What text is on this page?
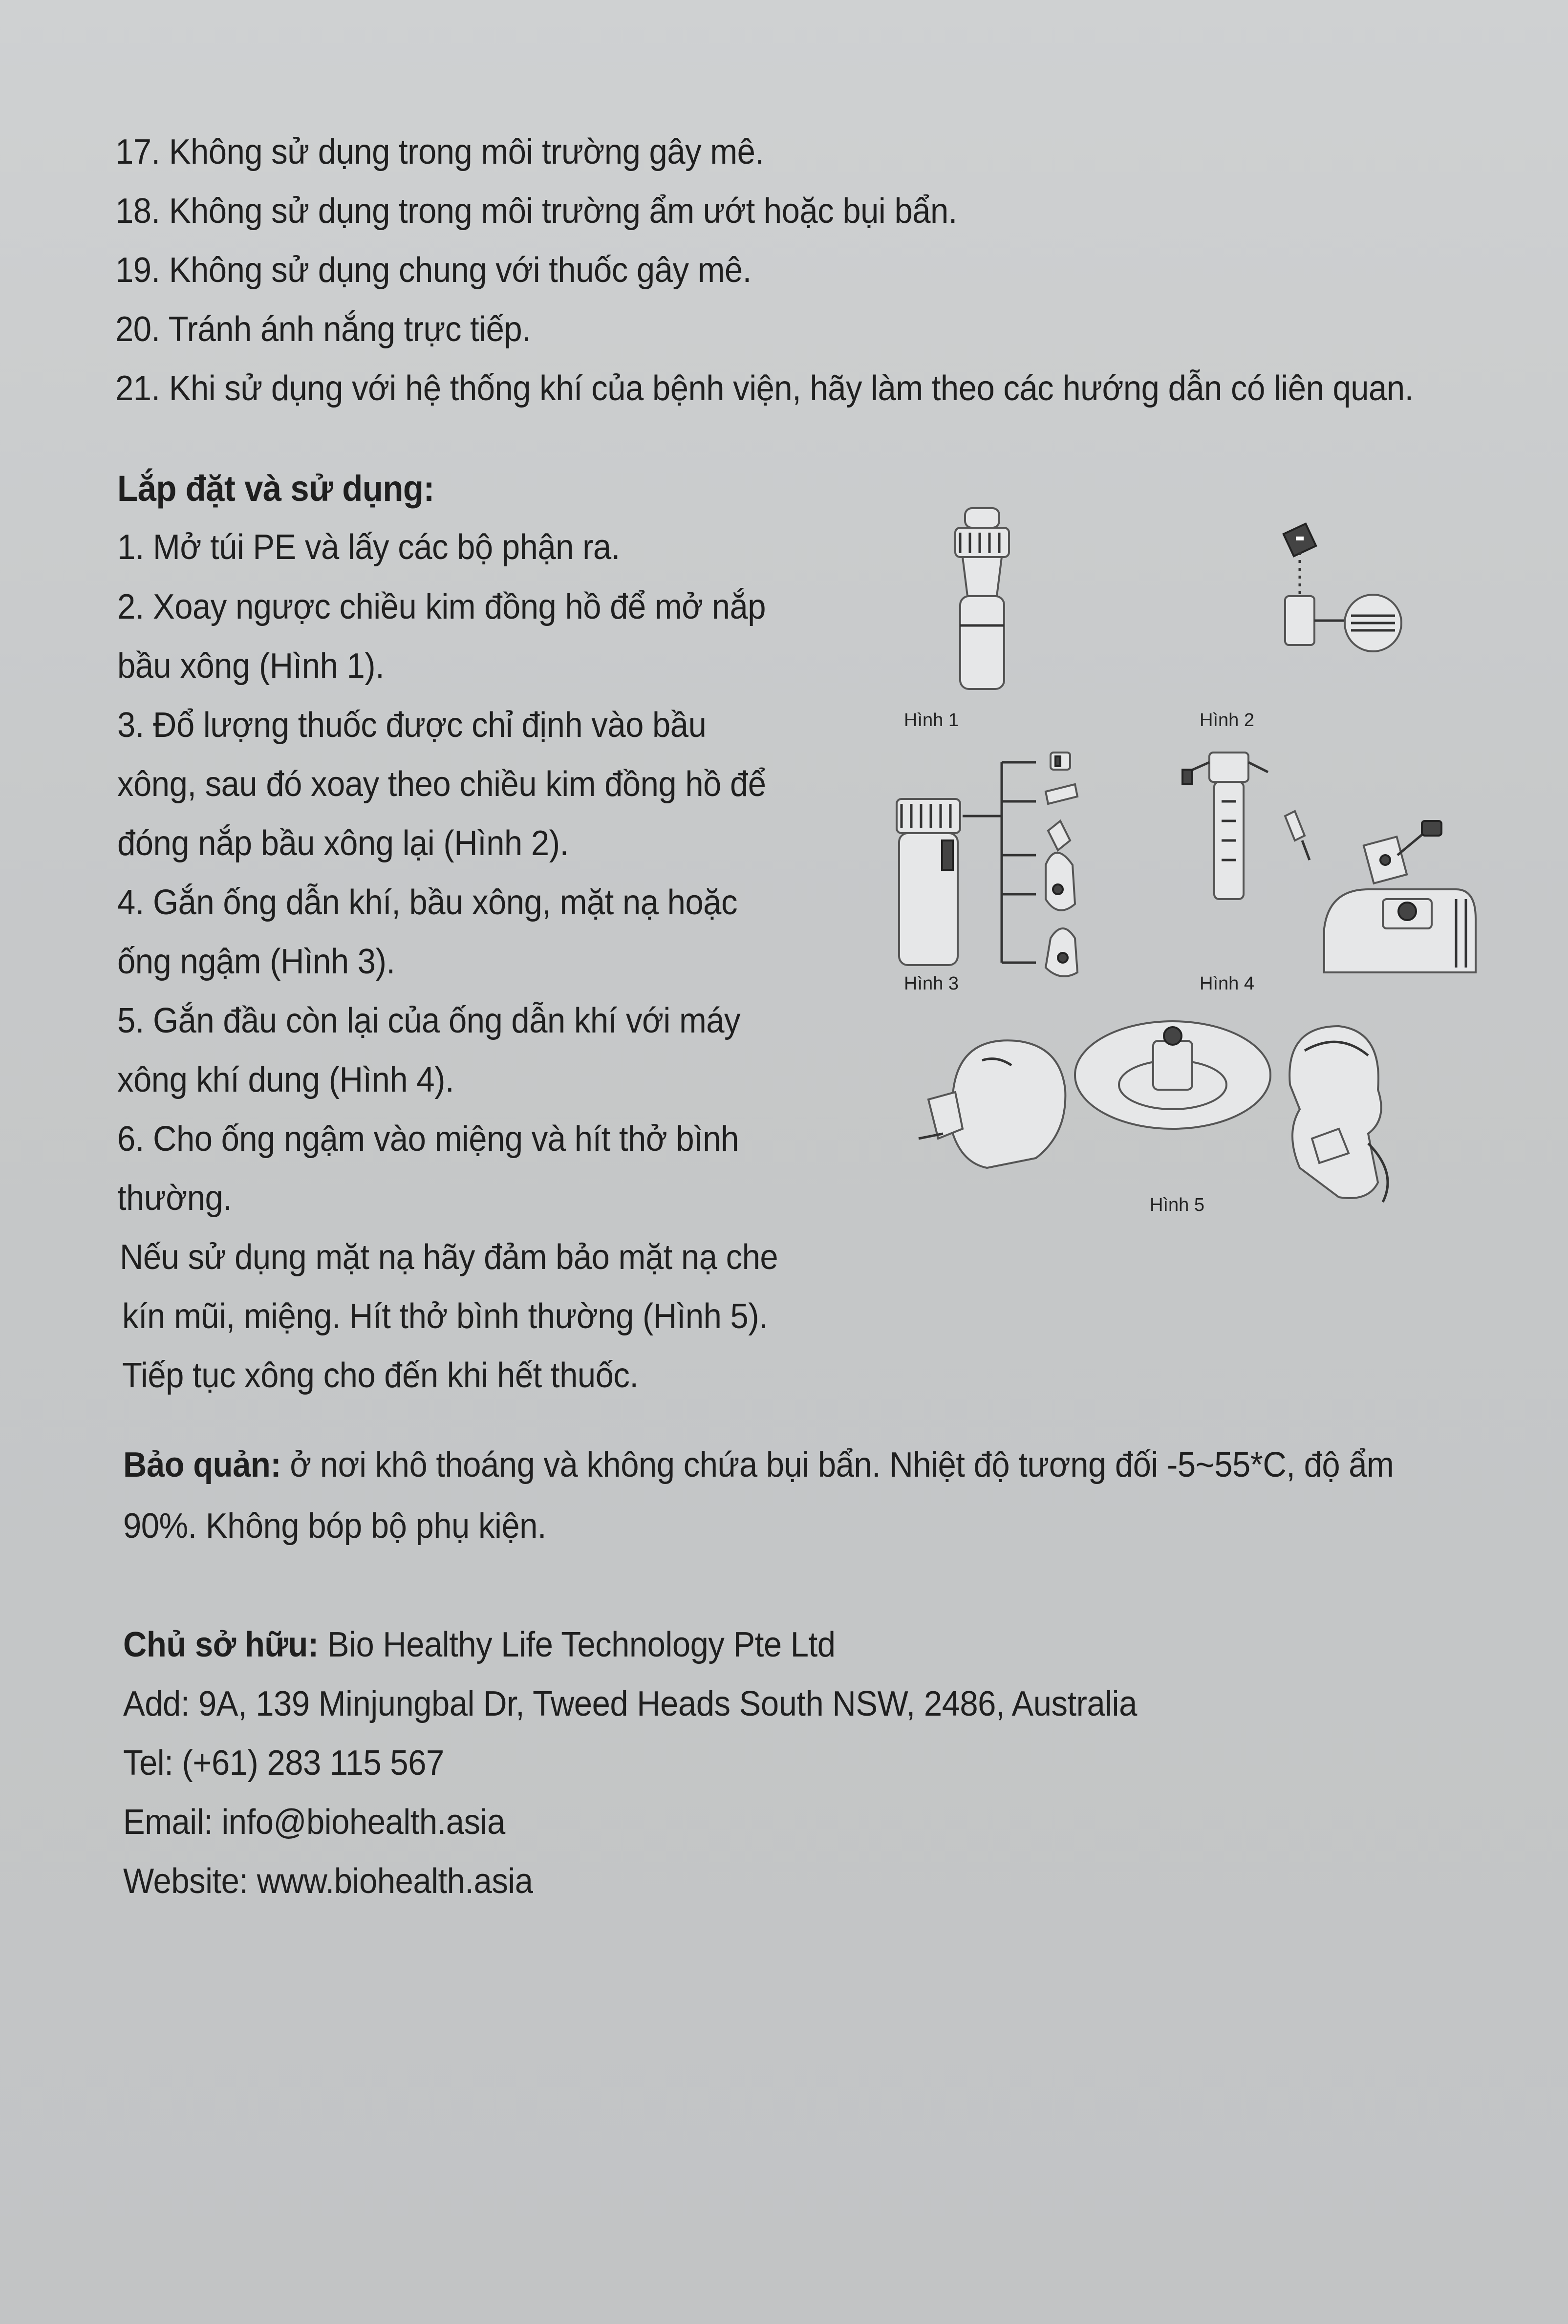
17. Không sử dụng trong môi trường gây mê.
18. Không sử dụng trong môi trường ẩm ướt hoặc bụi bẩn.
19. Không sử dụng chung với thuốc gây mê.
20. Tránh ánh nắng trực tiếp.
21. Khi sử dụng với hệ thống khí của bệnh viện, hãy làm theo các hướng dẫn có liên quan.
Lắp đặt và sử dụng:
1. Mở túi PE và lấy các bộ phận ra.
2. Xoay ngược chiều kim đồng hồ để mở nắp
bầu xông (Hình 1).
3. Đổ lượng thuốc được chỉ định vào bầu
xông, sau đó xoay theo chiều kim đồng hồ để
đóng nắp bầu xông lại (Hình 2).
4. Gắn ống dẫn khí, bầu xông, mặt nạ hoặc
ống ngậm (Hình 3).
5. Gắn đầu còn lại của ống dẫn khí với máy
xông khí dung (Hình 4).
6. Cho ống ngậm vào miệng và hít thở bình
thường.
Nếu sử dụng mặt nạ hãy đảm bảo mặt nạ che
kín mũi, miệng. Hít thở bình thường (Hình 5).
Tiếp tục xông cho đến khi hết thuốc.
Hình 1	Hình 2
Hình 3	Hình 4
Hình 5
Bảo quản: ở nơi khô thoáng và không chứa bụi bẩn. Nhiệt độ tương đối -5~55*C, độ ẩm
90%. Không bóp bộ phụ kiện.
Chủ sở hữu: Bio Healthy Life Technology Pte Ltd
Add: 9A, 139 Minjungbal Dr, Tweed Heads South NSW, 2486, Australia
Tel: (+61) 283 115 567
Email: info@biohealth.asia
Website: www.biohealth.asia
